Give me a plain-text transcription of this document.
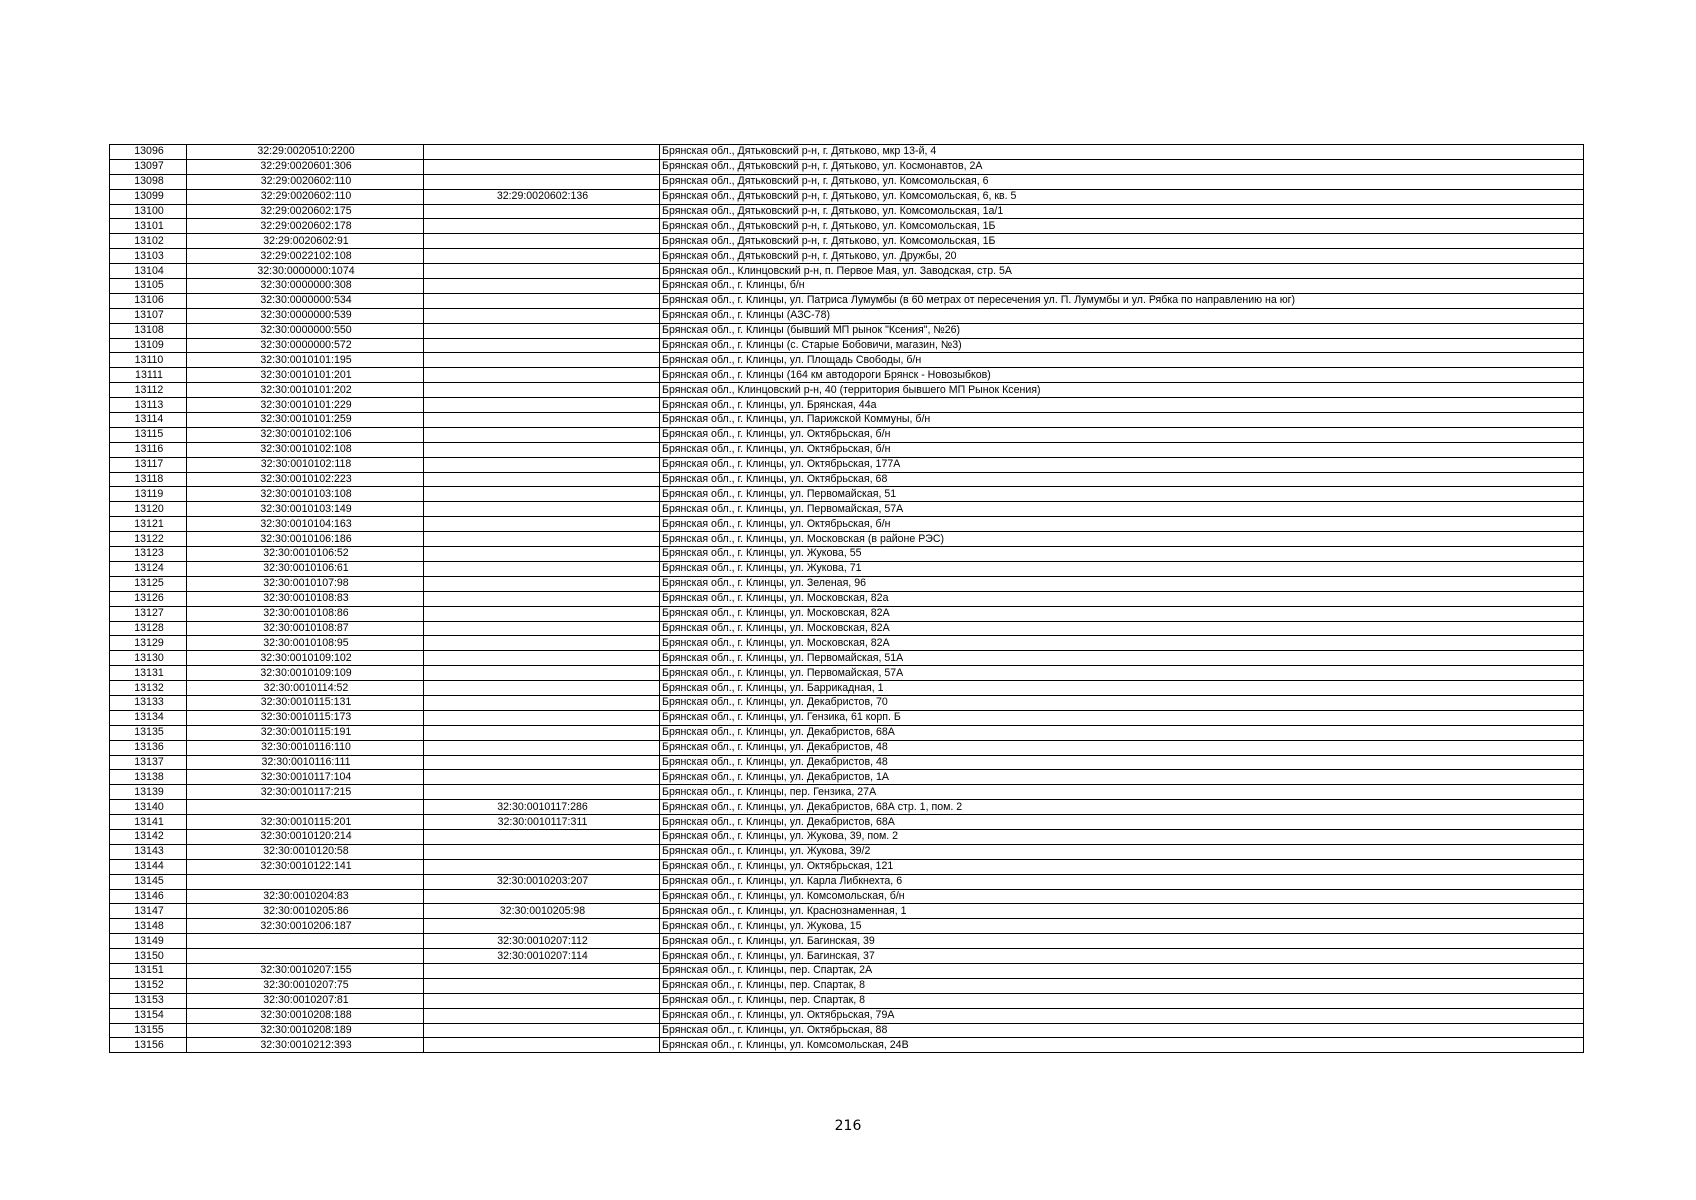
13096	32:29:0020510:2200		Брянская обл., Дятьковский р-н, г. Дятьково, мкр 13-й, 4
13097	32:29:0020601:306		Брянская обл., Дятьковский р-н, г. Дятьково, ул. Космонавтов, 2А
13098	32:29:0020602:110		Брянская обл., Дятьковский р-н, г. Дятьково, ул. Комсомольская, 6
13099	32:29:0020602:110	32:29:0020602:136	Брянская обл., Дятьковский р-н, г. Дятьково, ул. Комсомольская, 6, кв. 5
13100	32:29:0020602:175		Брянская обл., Дятьковский р-н, г. Дятьково, ул. Комсомольская, 1а/1
13101	32:29:0020602:178		Брянская обл., Дятьковский р-н, г. Дятьково, ул. Комсомольская, 1Б
13102	32:29:0020602:91		Брянская обл., Дятьковский р-н, г. Дятьково, ул. Комсомольская, 1Б
13103	32:29:0022102:108		Брянская обл., Дятьковский р-н, г. Дятьково, ул. Дружбы, 20
13104	32:30:0000000:1074		Брянская обл., Клинцовский р-н, п. Первое Мая, ул. Заводская, стр. 5А
13105	32:30:0000000:308		Брянская обл., г. Клинцы, б/н
13106	32:30:0000000:534		Брянская обл., г. Клинцы, ул. Патриса Лумумбы (в 60 метрах от пересечения ул. П. Лумумбы и ул. Рябка по направлению на юг)
13107	32:30:0000000:539		Брянская обл., г. Клинцы (АЗС-78)
13108	32:30:0000000:550		Брянская обл., г. Клинцы (бывший МП рынок "Ксения", №26)
13109	32:30:0000000:572		Брянская обл., г. Клинцы (с. Старые Бобовичи, магазин, №3)
13110	32:30:0010101:195		Брянская обл., г. Клинцы, ул. Площадь Свободы, б/н
13111	32:30:0010101:201		Брянская обл., г. Клинцы (164 км автодороги Брянск - Новозыбков)
13112	32:30:0010101:202		Брянская обл., Клинцовский р-н, 40 (территория бывшего МП Рынок Ксения)
13113	32:30:0010101:229		Брянская обл., г. Клинцы, ул. Брянская, 44а
13114	32:30:0010101:259		Брянская обл., г. Клинцы, ул. Парижской Коммуны, б/н
13115	32:30:0010102:106		Брянская обл., г. Клинцы, ул. Октябрьская, б/н
13116	32:30:0010102:108		Брянская обл., г. Клинцы, ул. Октябрьская, б/н
13117	32:30:0010102:118		Брянская обл., г. Клинцы, ул. Октябрьская, 177А
13118	32:30:0010102:223		Брянская обл., г. Клинцы, ул. Октябрьская, 68
13119	32:30:0010103:108		Брянская обл., г. Клинцы, ул. Первомайская, 51
13120	32:30:0010103:149		Брянская обл., г. Клинцы, ул. Первомайская, 57А
13121	32:30:0010104:163		Брянская обл., г. Клинцы, ул. Октябрьская, б/н
13122	32:30:0010106:186		Брянская обл., г. Клинцы, ул. Московская (в районе РЭС)
13123	32:30:0010106:52		Брянская обл., г. Клинцы, ул. Жукова, 55
13124	32:30:0010106:61		Брянская обл., г. Клинцы, ул. Жукова, 71
13125	32:30:0010107:98		Брянская обл., г. Клинцы, ул. Зеленая, 96
13126	32:30:0010108:83		Брянская обл., г. Клинцы, ул. Московская, 82а
13127	32:30:0010108:86		Брянская обл., г. Клинцы, ул. Московская, 82А
13128	32:30:0010108:87		Брянская обл., г. Клинцы, ул. Московская, 82А
13129	32:30:0010108:95		Брянская обл., г. Клинцы, ул. Московская, 82А
13130	32:30:0010109:102		Брянская обл., г. Клинцы, ул. Первомайская, 51А
13131	32:30:0010109:109		Брянская обл., г. Клинцы, ул. Первомайская, 57А
13132	32:30:0010114:52		Брянская обл., г. Клинцы, ул. Баррикадная, 1
13133	32:30:0010115:131		Брянская обл., г. Клинцы, ул. Декабристов, 70
13134	32:30:0010115:173		Брянская обл., г. Клинцы, ул. Гензика, 61 корп. Б
13135	32:30:0010115:191		Брянская обл., г. Клинцы, ул. Декабристов, 68А
13136	32:30:0010116:110		Брянская обл., г. Клинцы, ул. Декабристов, 48
13137	32:30:0010116:111		Брянская обл., г. Клинцы, ул. Декабристов, 48
13138	32:30:0010117:104		Брянская обл., г. Клинцы, ул. Декабристов, 1А
13139	32:30:0010117:215		Брянская обл., г. Клинцы, пер. Гензика, 27А
13140		32:30:0010117:286	Брянская обл., г. Клинцы, ул. Декабристов, 68А стр. 1, пом. 2
13141	32:30:0010115:201	32:30:0010117:311	Брянская обл., г. Клинцы, ул. Декабристов, 68А
13142	32:30:0010120:214		Брянская обл., г. Клинцы, ул. Жукова, 39, пом. 2
13143	32:30:0010120:58		Брянская обл., г. Клинцы, ул. Жукова, 39/2
13144	32:30:0010122:141		Брянская обл., г. Клинцы, ул. Октябрьская, 121
13145		32:30:0010203:207	Брянская обл., г. Клинцы, ул. Карла Либкнехта, 6
13146	32:30:0010204:83		Брянская обл., г. Клинцы, ул. Комсомольская, б/н
13147	32:30:0010205:86	32:30:0010205:98	Брянская обл., г. Клинцы, ул. Краснознаменная, 1
13148	32:30:0010206:187		Брянская обл., г. Клинцы, ул. Жукова, 15
13149		32:30:0010207:112	Брянская обл., г. Клинцы, ул. Багинская, 39
13150		32:30:0010207:114	Брянская обл., г. Клинцы, ул. Багинская, 37
13151	32:30:0010207:155		Брянская обл., г. Клинцы, пер. Спартак, 2А
13152	32:30:0010207:75		Брянская обл., г. Клинцы, пер. Спартак, 8
13153	32:30:0010207:81		Брянская обл., г. Клинцы, пер. Спартак, 8
13154	32:30:0010208:188		Брянская обл., г. Клинцы, ул. Октябрьская, 79А
13155	32:30:0010208:189		Брянская обл., г. Клинцы, ул. Октябрьская, 88
13156	32:30:0010212:393		Брянская обл., г. Клинцы, ул. Комсомольская, 24В
216
